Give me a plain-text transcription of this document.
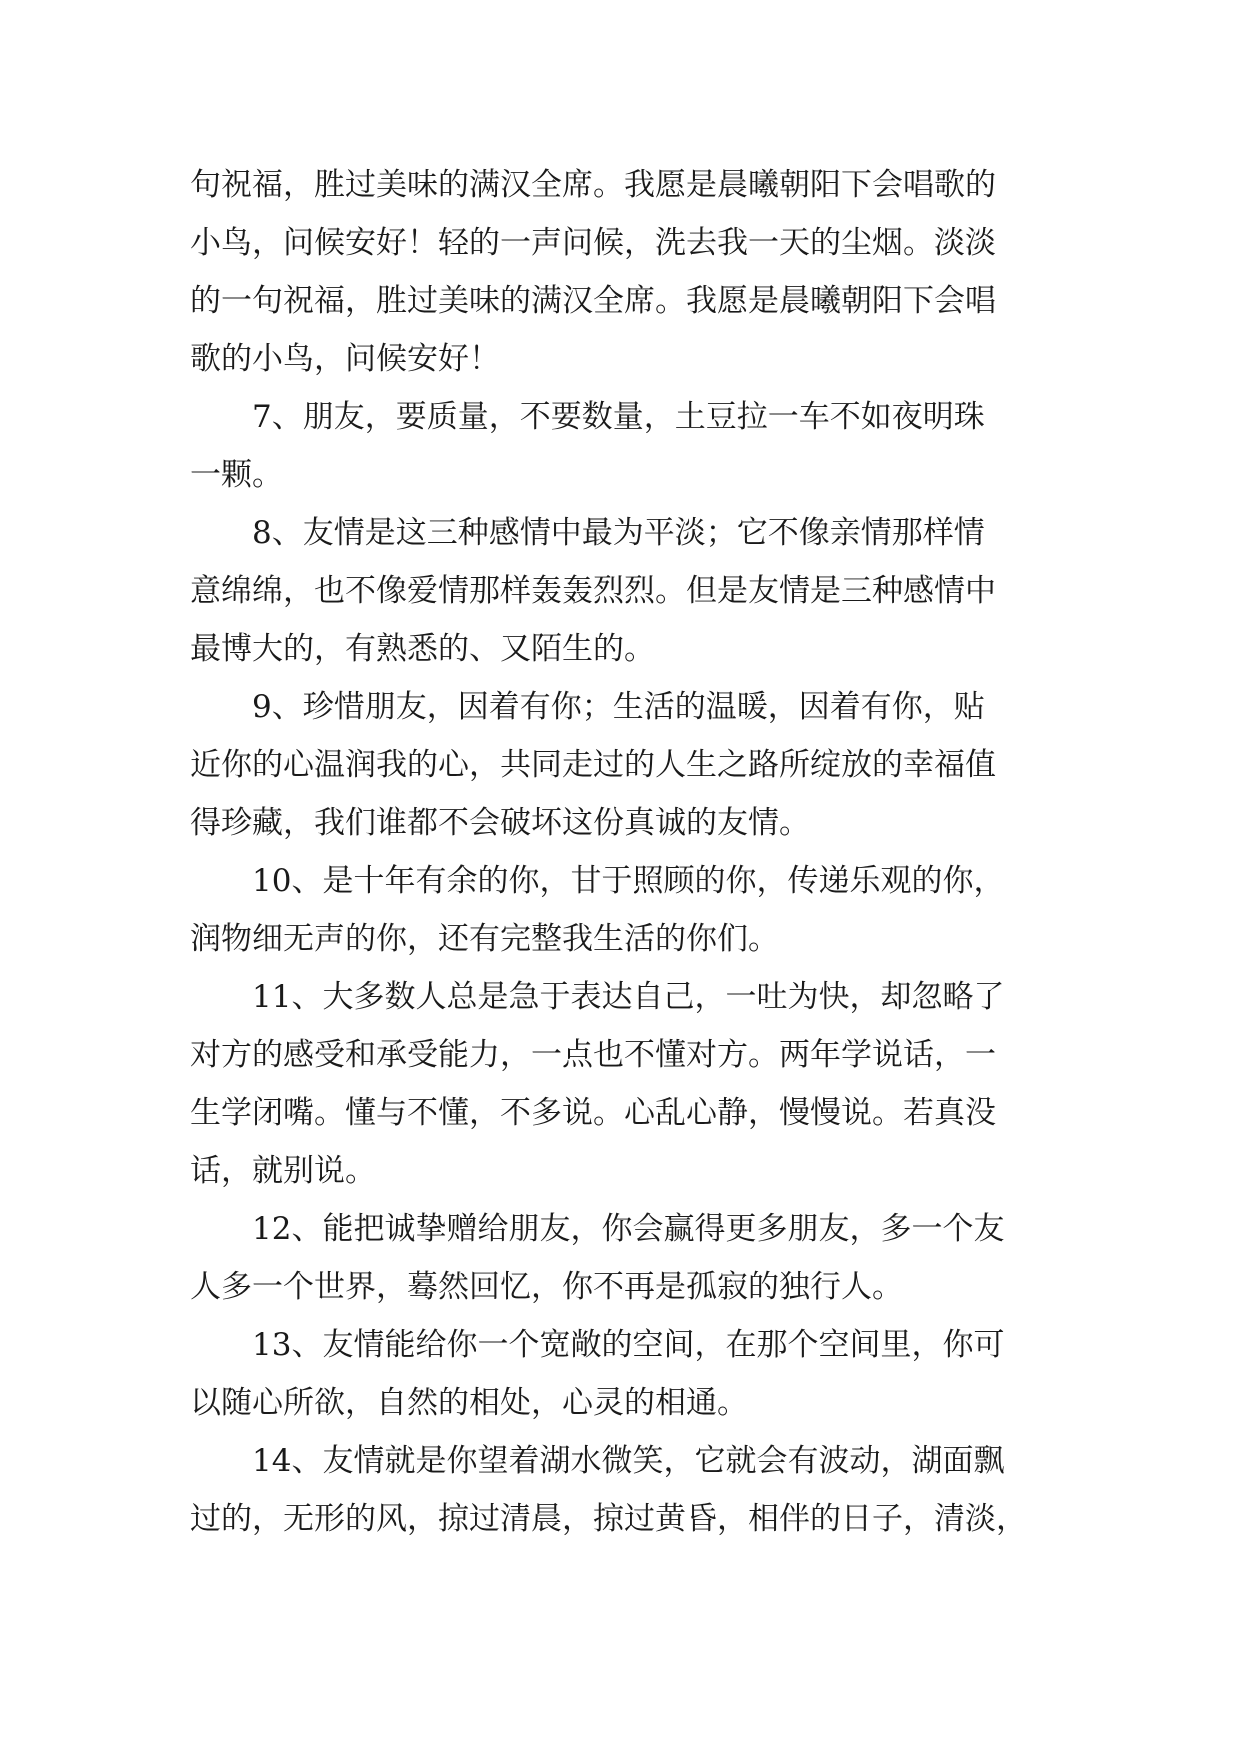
句祝福，胜过美味的满汉全席。我愿是晨曦朝阳下会唱歌的
小鸟，问候安好！轻的一声问候，洗去我一天的尘烟。淡淡
的一句祝福，胜过美味的满汉全席。我愿是晨曦朝阳下会唱
歌的小鸟，问候安好！
　　7、朋友，要质量，不要数量，土豆拉一车不如夜明珠
一颗。
　　8、友情是这三种感情中最为平淡；它不像亲情那样情
意绵绵，也不像爱情那样轰轰烈烈。但是友情是三种感情中
最博大的，有熟悉的、又陌生的。
　　9、珍惜朋友，因着有你；生活的温暖，因着有你，贴
近你的心温润我的心，共同走过的人生之路所绽放的幸福值
得珍藏，我们谁都不会破坏这份真诚的友情。
　　10、是十年有余的你，甘于照顾的你，传递乐观的你，
润物细无声的你，还有完整我生活的你们。
　　11、大多数人总是急于表达自己，一吐为快，却忽略了
对方的感受和承受能力，一点也不懂对方。两年学说话，一
生学闭嘴。懂与不懂，不多说。心乱心静，慢慢说。若真没
话，就别说。
　　12、能把诚挚赠给朋友，你会赢得更多朋友，多一个友
人多一个世界，蓦然回忆，你不再是孤寂的独行人。
　　13、友情能给你一个宽敞的空间，在那个空间里，你可
以随心所欲，自然的相处，心灵的相通。
　　14、友情就是你望着湖水微笑，它就会有波动，湖面飘
过的，无形的风，掠过清晨，掠过黄昏，相伴的日子，清淡，
